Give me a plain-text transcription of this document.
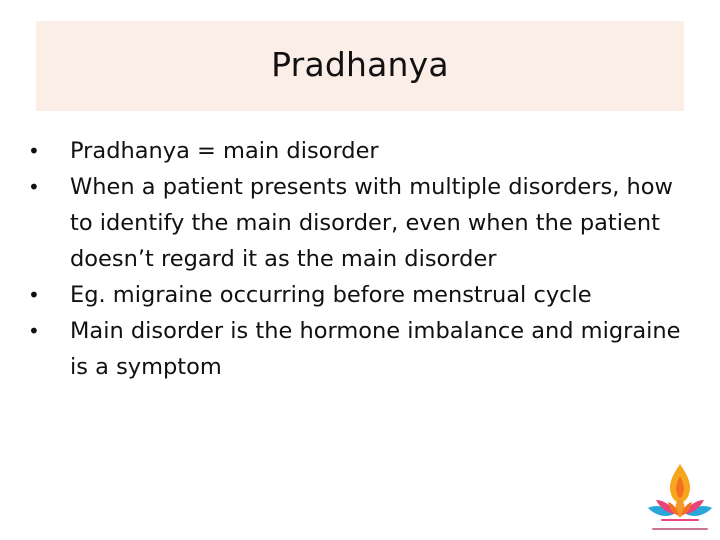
Pradhanya
•	Pradhanya = main disorder
•	When a patient presents with multiple disorders, how to identify the main disorder, even when the patient doesn’t regard it as the main disorder
•	Eg. migraine occurring before menstrual cycle
•	Main disorder is the hormone imbalance and migraine is a symptom
